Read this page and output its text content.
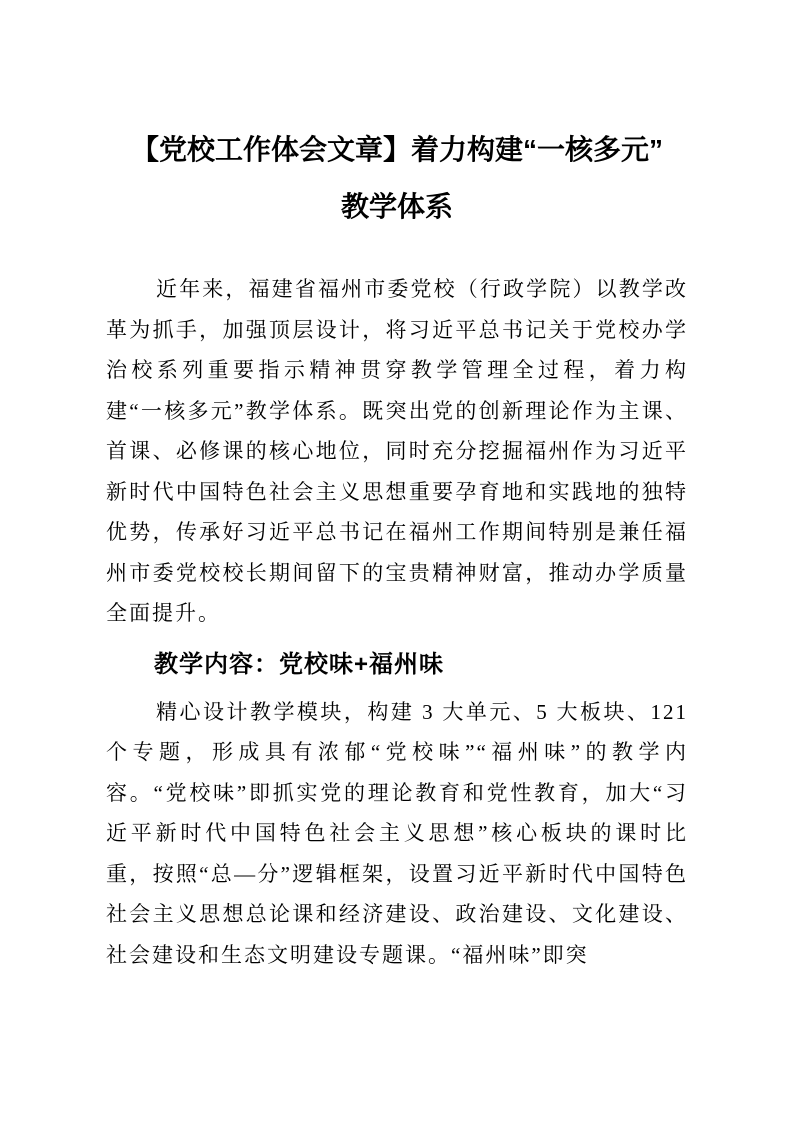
【党校工作体会文章】着力构建“一核多元”
教学体系

近年来，福建省福州市委党校（行政学院）以教学改革为抓手，加强顶层设计，将习近平总书记关于党校办学治校系列重要指示精神贯穿教学管理全过程，着力构建“一核多元”教学体系。既突出党的创新理论作为主课、首课、必修课的核心地位，同时充分挖掘福州作为习近平新时代中国特色社会主义思想重要孕育地和实践地的独特优势，传承好习近平总书记在福州工作期间特别是兼任福州市委党校校长期间留下的宝贵精神财富，推动办学质量全面提升。

教学内容：党校味+福州味

精心设计教学模块，构建 3 大单元、5 大板块、121 个专题，形成具有浓郁“党校味”“福州味”的教学内容。“党校味”即抓实党的理论教育和党性教育，加大“习近平新时代中国特色社会主义思想”核心板块的课时比重，按照“总—分”逻辑框架，设置习近平新时代中国特色社会主义思想总论课和经济建设、政治建设、文化建设、社会建设和生态文明建设专题课。“福州味”即突
